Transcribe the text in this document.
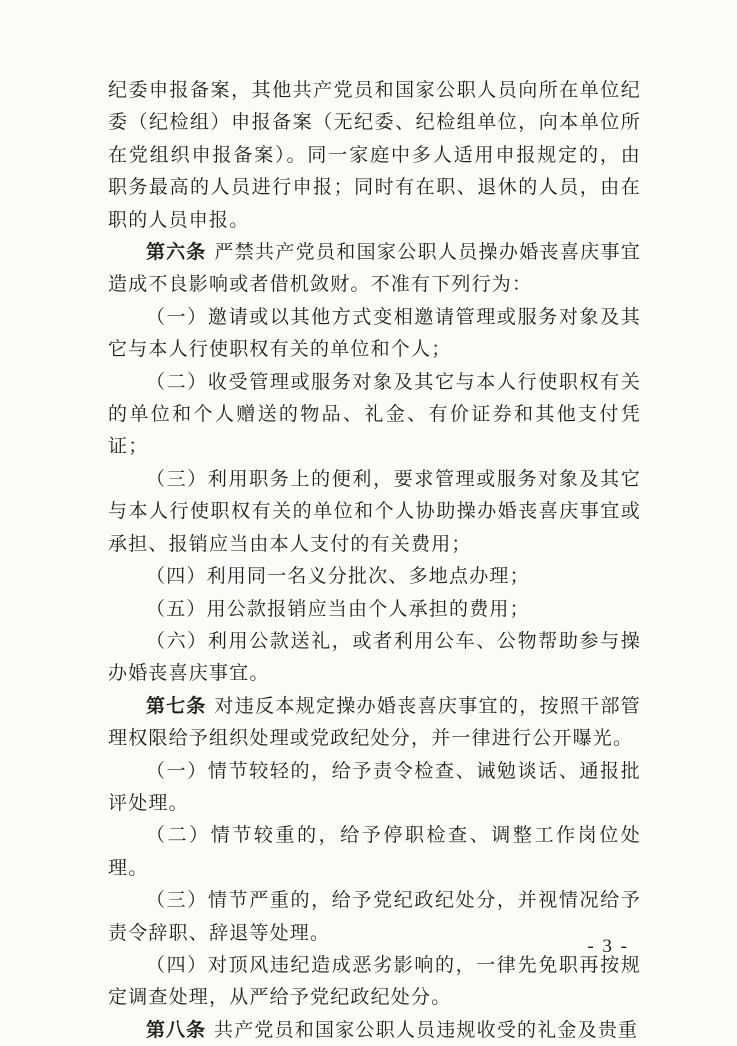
纪委申报备案，其他共产党员和国家公职人员向所在单位纪委（纪检组）申报备案（无纪委、纪检组单位，向本单位所在党组织申报备案）。同一家庭中多人适用申报规定的，由职务最高的人员进行申报；同时有在职、退休的人员，由在职的人员申报。

第六条 严禁共产党员和国家公职人员操办婚丧喜庆事宜造成不良影响或者借机敛财。不准有下列行为：

（一）邀请或以其他方式变相邀请管理或服务对象及其它与本人行使职权有关的单位和个人；

（二）收受管理或服务对象及其它与本人行使职权有关的单位和个人赠送的物品、礼金、有价证券和其他支付凭证；

（三）利用职务上的便利，要求管理或服务对象及其它与本人行使职权有关的单位和个人协助操办婚丧喜庆事宜或承担、报销应当由本人支付的有关费用；

（四）利用同一名义分批次、多地点办理；

（五）用公款报销应当由个人承担的费用；

（六）利用公款送礼，或者利用公车、公物帮助参与操办婚丧喜庆事宜。

第七条 对违反本规定操办婚丧喜庆事宜的，按照干部管理权限给予组织处理或党政纪处分，并一律进行公开曝光。

（一）情节较轻的，给予责令检查、诫勉谈话、通报批评处理。

（二）情节较重的，给予停职检查、调整工作岗位处理。

（三）情节严重的，给予党纪政纪处分，并视情况给予责令辞职、辞退等处理。

（四）对顶风违纪造成恶劣影响的，一律先免职再按规定调查处理，从严给予党纪政纪处分。

第八条 共产党员和国家公职人员违规收受的礼金及贵重

- 3 -
